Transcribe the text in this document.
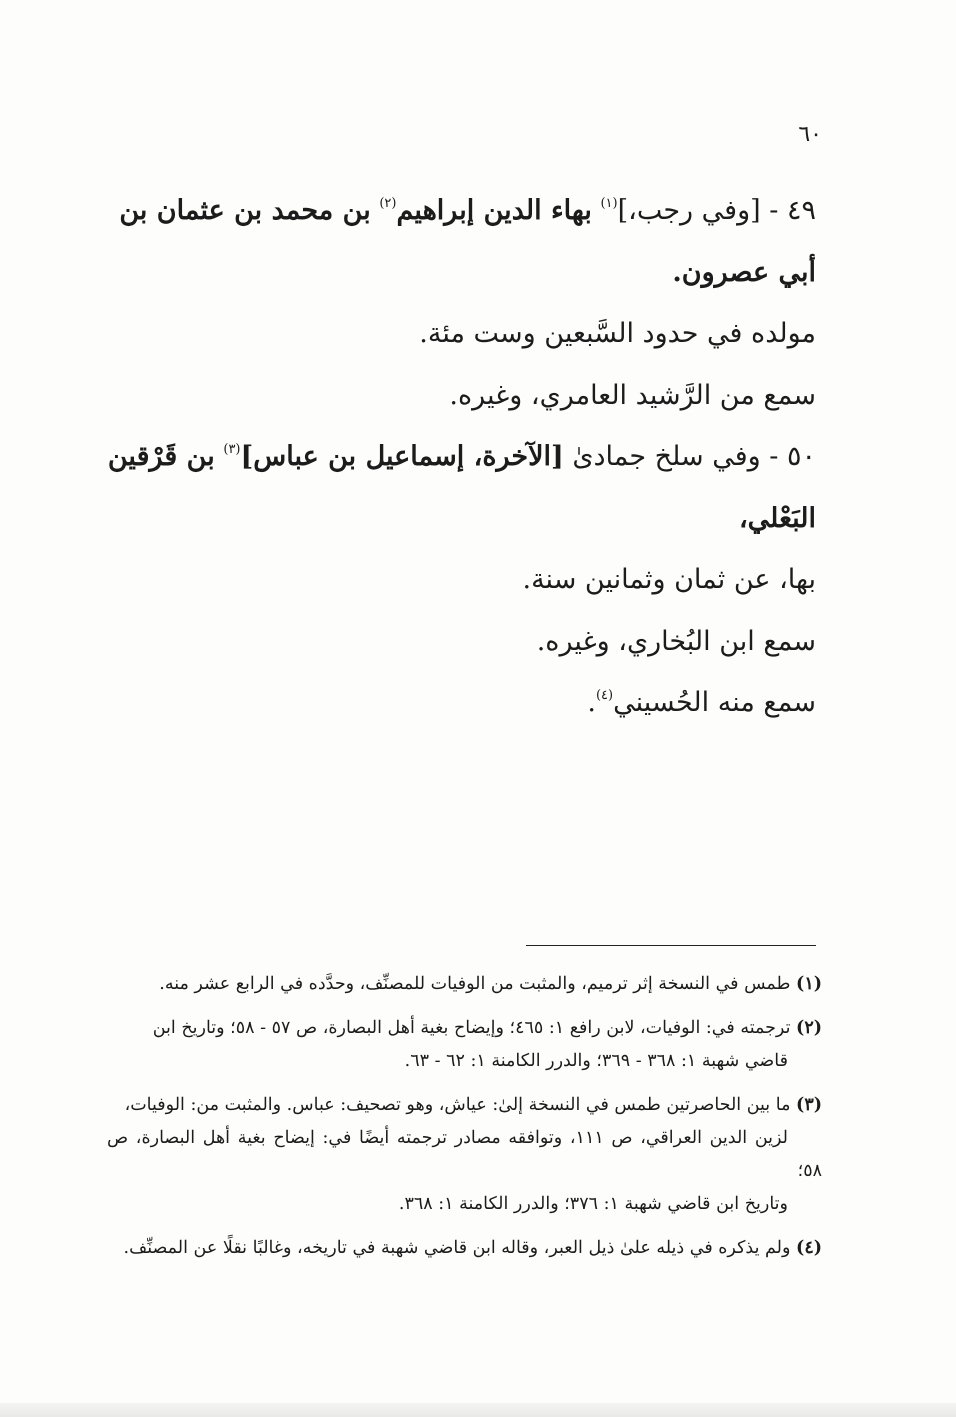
٦٠

٤٩ - [وفي رجب،]$^{(١)}$ بهاء الدين إبراهيم$^{(٢)}$ بن محمد بن عثمان بن

أبي عصرون.

مولده في حدود السَّبعين وست مئة.

سمع من الرَّشيد العامري، وغيره.

٥٠ - وفي سلخ جمادىٰ [الآخرة، إسماعيل بن عباس]$^{(٣)}$ بن قَرْقين البَعْلي،

بها، عن ثمان وثمانين سنة.

سمع ابن البُخاري، وغيره.

سمع منه الحُسيني$^{(٤)}$.

(١) طمس في النسخة إثر ترميم، والمثبت من الوفيات للمصنِّف، وحدَّده في الرابع عشر منه.

(٢) ترجمته في: الوفيات، لابن رافع ١: ٤٦٥؛ وإيضاح بغية أهل البصارة، ص ٥٧ - ٥٨؛ وتاريخ ابن
قاضي شهبة ١: ٣٦٨ - ٣٦٩؛ والدرر الكامنة ١: ٦٢ - ٦٣.

(٣) ما بين الحاصرتين طمس في النسخة إلىٰ: عياش، وهو تصحيف: عباس. والمثبت من: الوفيات،
لزين الدين العراقي، ص ١١١، وتوافقه مصادر ترجمته أيضًا في: إيضاح بغية أهل البصارة، ص ٥٨؛
وتاريخ ابن قاضي شهبة ١: ٣٧٦؛ والدرر الكامنة ١: ٣٦٨.

(٤) ولم يذكره في ذيله علىٰ ذيل العبر، وقاله ابن قاضي شهبة في تاريخه، وغالبًا نقلًا عن المصنِّف.
